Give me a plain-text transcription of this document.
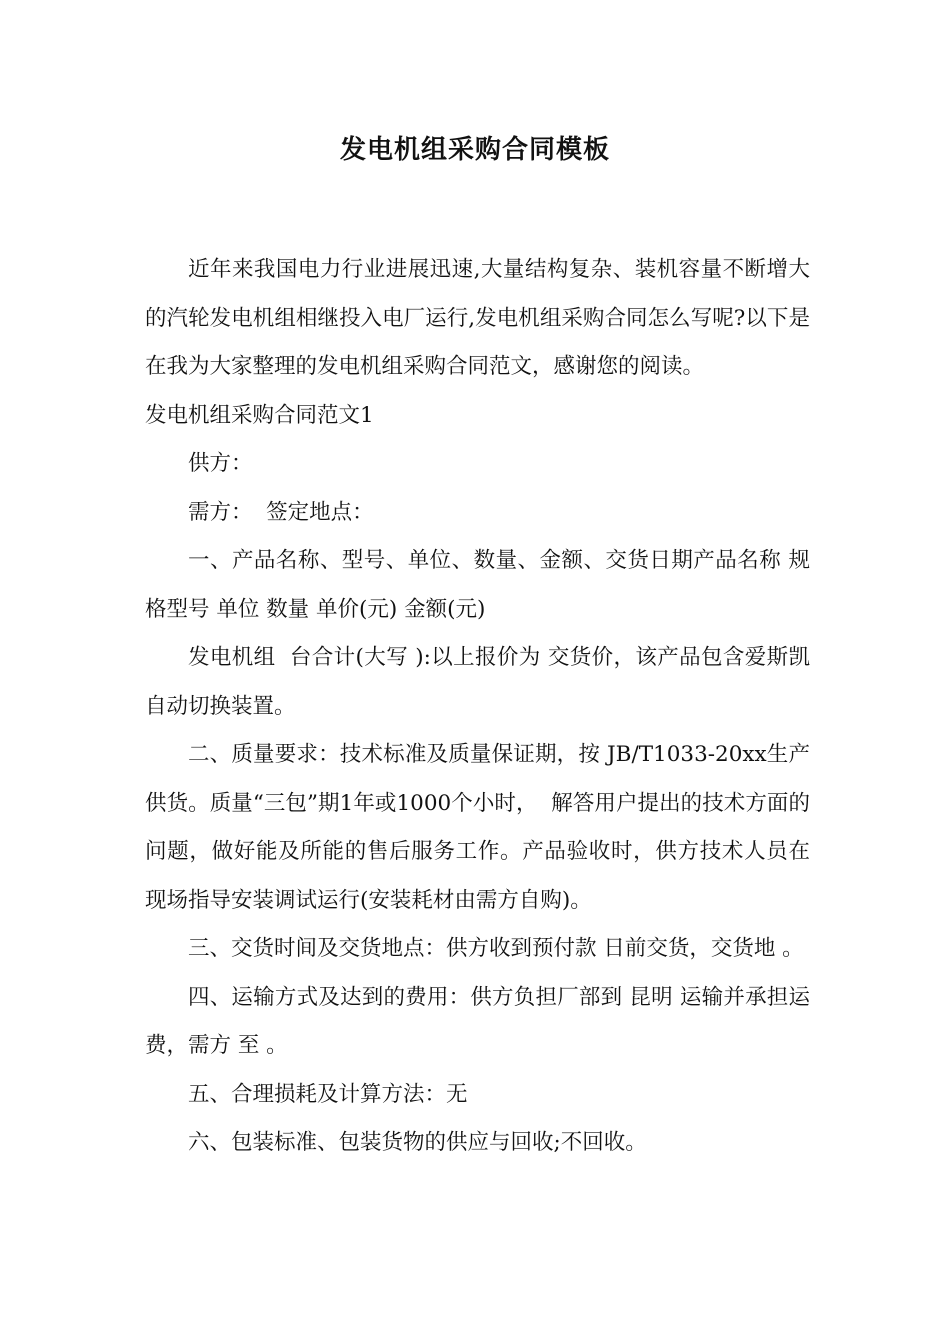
发电机组采购合同模板

近年来我国电力行业进展迅速,大量结构复杂、装机容量不断增大的汽轮发电机组相继投入电厂运行,发电机组采购合同怎么写呢?以下是在我为大家整理的发电机组采购合同范文，感谢您的阅读。

发电机组采购合同范文1

供方：

需方：  签定地点：

一、产品名称、型号、单位、数量、金额、交货日期产品名称 规格型号 单位 数量 单价(元) 金额(元)

发电机组  台合计(大写 ):以上报价为 交货价，该产品包含爱斯凯自动切换装置。

二、质量要求：技术标准及质量保证期，按 JB/T1033-20xx生产供货。质量“三包”期1年或1000个小时，  解答用户提出的技术方面的问题，做好能及所能的售后服务工作。产品验收时，供方技术人员在现场指导安装调试运行(安装耗材由需方自购)。

三、交货时间及交货地点：供方收到预付款 日前交货，交货地 。

四、运输方式及达到的费用：供方负担厂部到 昆明 运输并承担运费，需方 至 。

五、合理损耗及计算方法：无

六、包装标准、包装货物的供应与回收;不回收。
